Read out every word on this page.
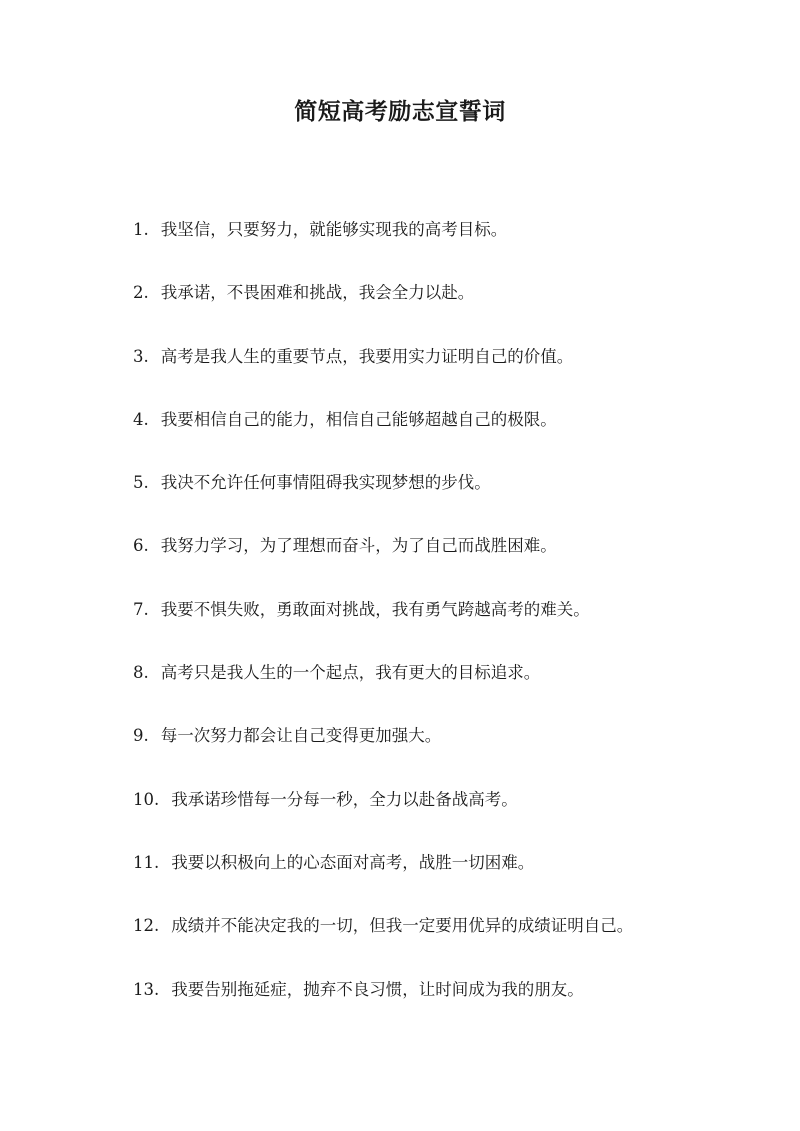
简短高考励志宣誓词
1. 我坚信，只要努力，就能够实现我的高考目标。
2. 我承诺，不畏困难和挑战，我会全力以赴。
3. 高考是我人生的重要节点，我要用实力证明自己的价值。
4. 我要相信自己的能力，相信自己能够超越自己的极限。
5. 我决不允许任何事情阻碍我实现梦想的步伐。
6. 我努力学习，为了理想而奋斗，为了自己而战胜困难。
7. 我要不惧失败，勇敢面对挑战，我有勇气跨越高考的难关。
8. 高考只是我人生的一个起点，我有更大的目标追求。
9. 每一次努力都会让自己变得更加强大。
10. 我承诺珍惜每一分每一秒，全力以赴备战高考。
11. 我要以积极向上的心态面对高考，战胜一切困难。
12. 成绩并不能决定我的一切，但我一定要用优异的成绩证明自己。
13. 我要告别拖延症，抛弃不良习惯，让时间成为我的朋友。
